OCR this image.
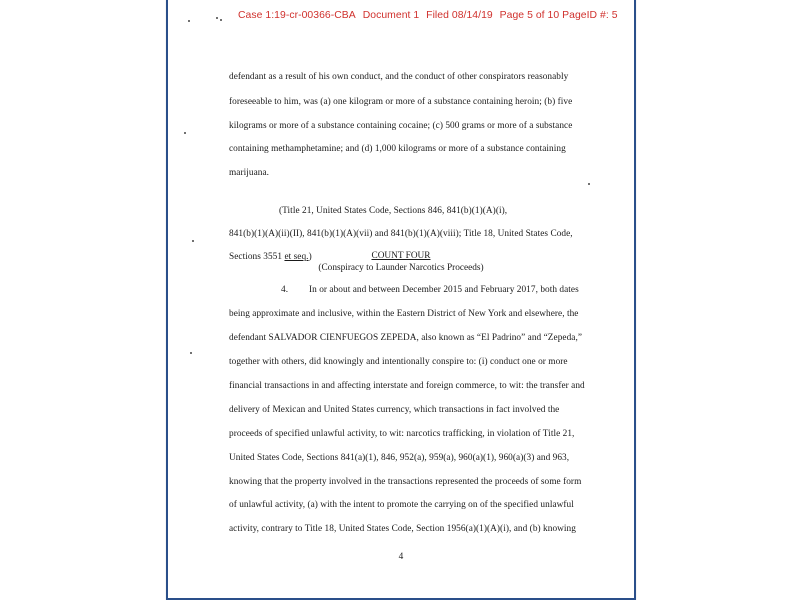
Case 1:19-cr-00366-CBA Document 1 Filed 08/14/19 Page 5 of 10 PageID #: 5
defendant as a result of his own conduct, and the conduct of other conspirators reasonably
foreseeable to him, was (a) one kilogram or more of a substance containing heroin; (b) five
kilograms or more of a substance containing cocaine; (c) 500 grams or more of a substance
containing methamphetamine; and (d) 1,000 kilograms or more of a substance containing
marijuana.
(Title 21, United States Code, Sections 846, 841(b)(1)(A)(i),
841(b)(1)(A)(ii)(II), 841(b)(1)(A)(vii) and 841(b)(1)(A)(viii); Title 18, United States Code,
Sections 3551 et seq.)	COUNT FOUR
(Conspiracy to Launder Narcotics Proceeds)
4. In or about and between December 2015 and February 2017, both dates
being approximate and inclusive, within the Eastern District of New York and elsewhere, the
defendant SALVADOR CIENFUEGOS ZEPEDA, also known as “El Padrino” and “Zepeda,”
together with others, did knowingly and intentionally conspire to: (i) conduct one or more
financial transactions in and affecting interstate and foreign commerce, to wit: the transfer and
delivery of Mexican and United States currency, which transactions in fact involved the
proceeds of specified unlawful activity, to wit: narcotics trafficking, in violation of Title 21,
United States Code, Sections 841(a)(1), 846, 952(a), 959(a), 960(a)(1), 960(a)(3) and 963,
knowing that the property involved in the transactions represented the proceeds of some form
of unlawful activity, (a) with the intent to promote the carrying on of the specified unlawful
activity, contrary to Title 18, United States Code, Section 1956(a)(1)(A)(i), and (b) knowing
4
